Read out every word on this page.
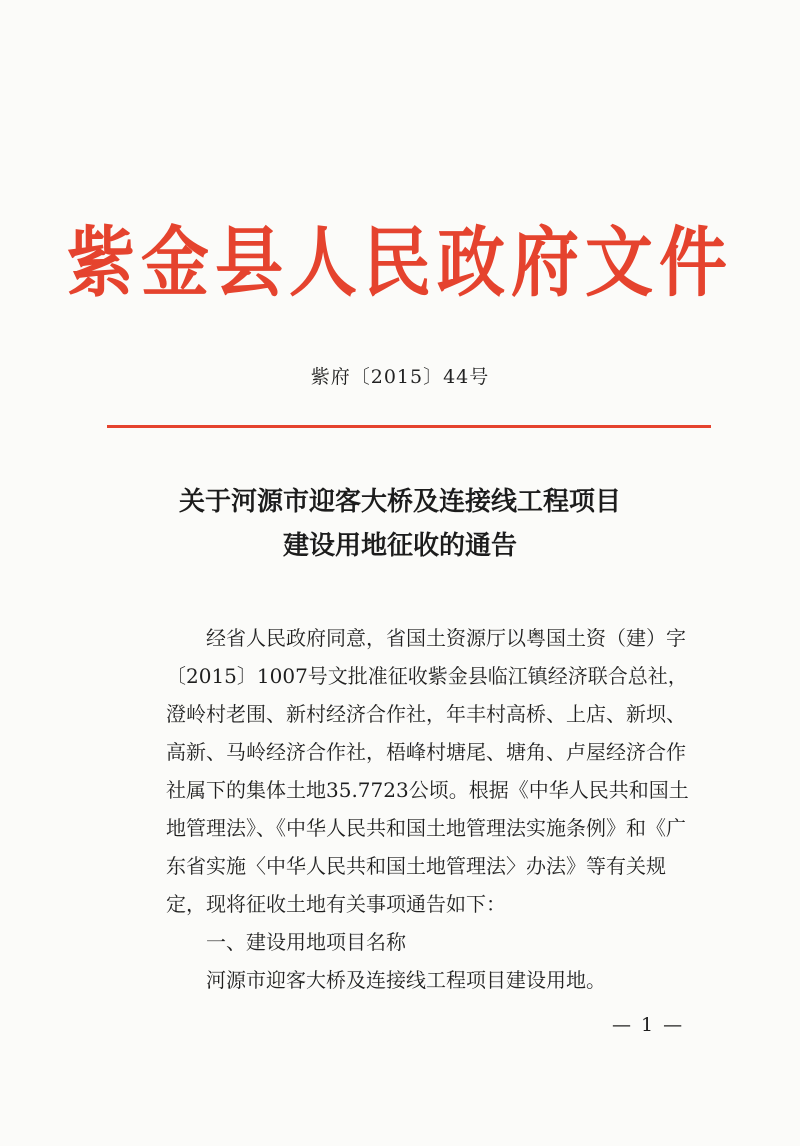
紫金县人民政府文件
紫府〔2015〕44号
关于河源市迎客大桥及连接线工程项目
建设用地征收的通告

经省人民政府同意，省国土资源厅以粤国土资（建）字〔2015〕1007号文批准征收紫金县临江镇经济联合总社，澄岭村老围、新村经济合作社，年丰村高桥、上店、新坝、高新、马岭经济合作社，梧峰村塘尾、塘角、卢屋经济合作社属下的集体土地35.7723公顷。根据《中华人民共和国土地管理法》、《中华人民共和国土地管理法实施条例》和《广东省实施〈中华人民共和国土地管理法〉办法》等有关规定，现将征收土地有关事项通告如下：

一、建设用地项目名称

河源市迎客大桥及连接线工程项目建设用地。

— 1 —
